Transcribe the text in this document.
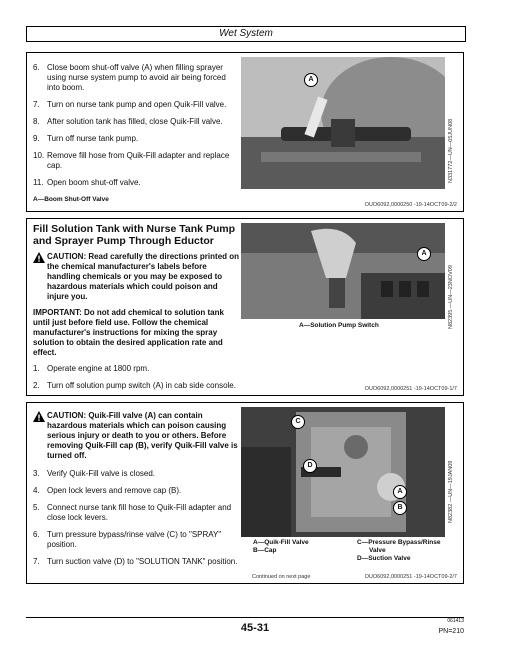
Wet System
6. Close boom shut-off valve (A) when filling sprayer using nurse system pump to avoid air being forced into boom.
7. Turn on nurse tank pump and open Quik-Fill valve.
8. After solution tank has filled, close Quik-Fill valve.
9. Turn off nurse tank pump.
10. Remove fill hose from Quik-Fill adapter and replace cap.
11. Open boom shut-off valve.
A—Boom Shut-Off Valve
A
N331772—UN—05JUN08
OUO6092,0000250 -19-14OCT09-2/2
Fill Solution Tank with Nurse Tank Pump and Sprayer Pump Through Eductor
CAUTION: Read carefully the directions printed on the chemical manufacturer's labels before handling chemicals or you may be exposed to hazardous materials which could poison and injure you.
IMPORTANT: Do not add chemical to solution tank until just before field use. Follow the chemical manufacturer's instructions for mixing the spray solution to obtain the desired application rate and effect.
1. Operate engine at 1800 rpm.
2. Turn off solution pump switch (A) in cab side console.
A
N82395 —UN—23NOV09
A—Solution Pump Switch
OUO6092,0000251 -19-14OCT09-1/7
CAUTION: Quik-Fill valve (A) can contain hazardous materials which can poison causing serious injury or death to you or others. Before removing Quik-Fill cap (B), verify Quik-Fill valve is turned off.
3. Verify Quik-Fill valve is closed.
4. Open lock levers and remove cap (B).
5. Connect nurse tank fill hose to Quik-Fill adapter and close lock levers.
6. Turn pressure bypass/rinse valve (C) to "SPRAY" position.
7. Turn suction valve (D) to "SOLUTION TANK" position.
C
D
A
B	N82382 —UN—19JAN09
A—Quik-Fill Valve
B—Cap
C—Pressure Bypass/Rinse
Valve
D—Suction Valve
Continued on next page	OUO6092,0000251 -19-14OCT09-2/7
45-31
061413
PN=210
